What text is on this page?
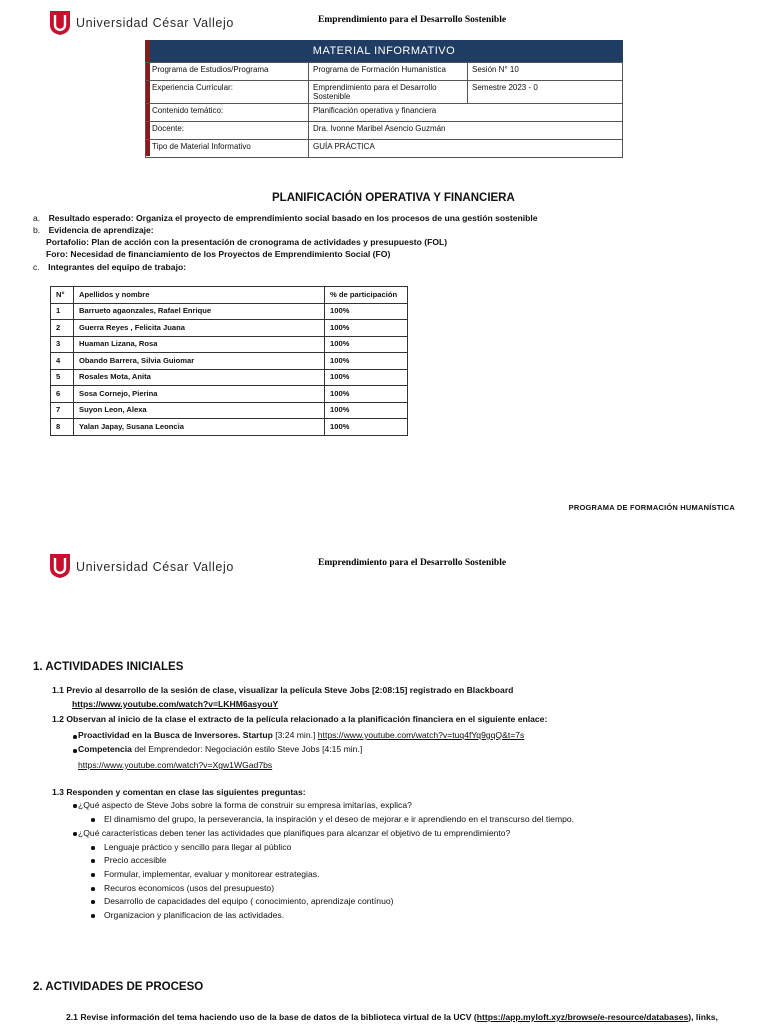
Universidad César Vallejo	Emprendimiento para el Desarrollo Sostenible
MATERIAL INFORMATIVO
Programa de Estudios/Programa	Programa de Formación Humanística	Sesión N° 10
Experiencia Curricular:	Emprendimiento para el Desarrollo Sostenible	Semestre 2023 - 0
Contenido temático:	Planificación operativa y financiera	
Docente:	Dra. Ivonne Maribel Asencio Guzmán	
Tipo de Material Informativo	GUÍA PRÁCTICA	
PLANIFICACIÓN OPERATIVA Y FINANCIERA
a. Resultado esperado: Organiza el proyecto de emprendimiento social basado en los procesos de una gestión sostenible
b. Evidencia de aprendizaje:
Portafolio: Plan de acción con la presentación de cronograma de actividades y presupuesto (FOL)
Foro: Necesidad de financiamiento de los Proyectos de Emprendimiento Social (FO)
c. Integrantes del equipo de trabajo:
N°	Apellidos y nombre	% de participación
1	Barrueto agaonzales, Rafael Enrique	100%
2	Guerra Reyes , Felicita Juana	100%
3	Huaman Lizana, Rosa	100%
4	Obando Barrera, Silvia Guiomar	100%
5	Rosales Mota, Anita	100%
6	Sosa Cornejo, Pierina	100%
7	Suyon Leon, Alexa	100%
8	Yalan Japay, Susana Leoncia	100%
PROGRAMA DE FORMACIÓN HUMANÍSTICA
Universidad César Vallejo	Emprendimiento para el Desarrollo Sostenible
1. ACTIVIDADES INICIALES
1.1 Previo al desarrollo de la sesión de clase, visualizar la película Steve Jobs [2:08:15] registrado en Blackboard
https://www.youtube.com/watch?v=LKHM6asyouY
1.2 Observan al inicio de la clase el extracto de la película relacionado a la planificación financiera en el siguiente enlace:
Proactividad en la Busca de Inversores. Startup [3:24 min.] https://www.youtube.com/watch?v=tuq4fYq9gqQ&t=7s
Competencia del Emprendedor: Negociación estilo Steve Jobs [4:15 min.]
https://www.youtube.com/watch?v=Xgw1WGad7bs
1.3 Responden y comentan en clase las siguientes preguntas:
¿Qué aspecto de Steve Jobs sobre la forma de construir su empresa imitarías, explica?
El dinamismo del grupo, la perseverancia, la inspiración y el deseo de mejorar e ir aprendiendo en el transcurso del tiempo.
¿Qué características deben tener las actividades que planifiques para alcanzar el objetivo de tu emprendimiento?
Lenguaje práctico y sencillo para llegar al público
Precio accesible
Formular, implementar, evaluar y monitorear estrategias.
Recuros economicos (usos del presupuesto)
Desarrollo de capacidades del equipo ( conocimiento, aprendizaje contínuo)
Organizacion y planificacion de las actividades.
2. ACTIVIDADES DE PROCESO
2.1 Revise información del tema haciendo uso de la base de datos de la biblioteca virtual de la UCV (https://app.myloft.xyz/browse/e-resource/databases), links,
